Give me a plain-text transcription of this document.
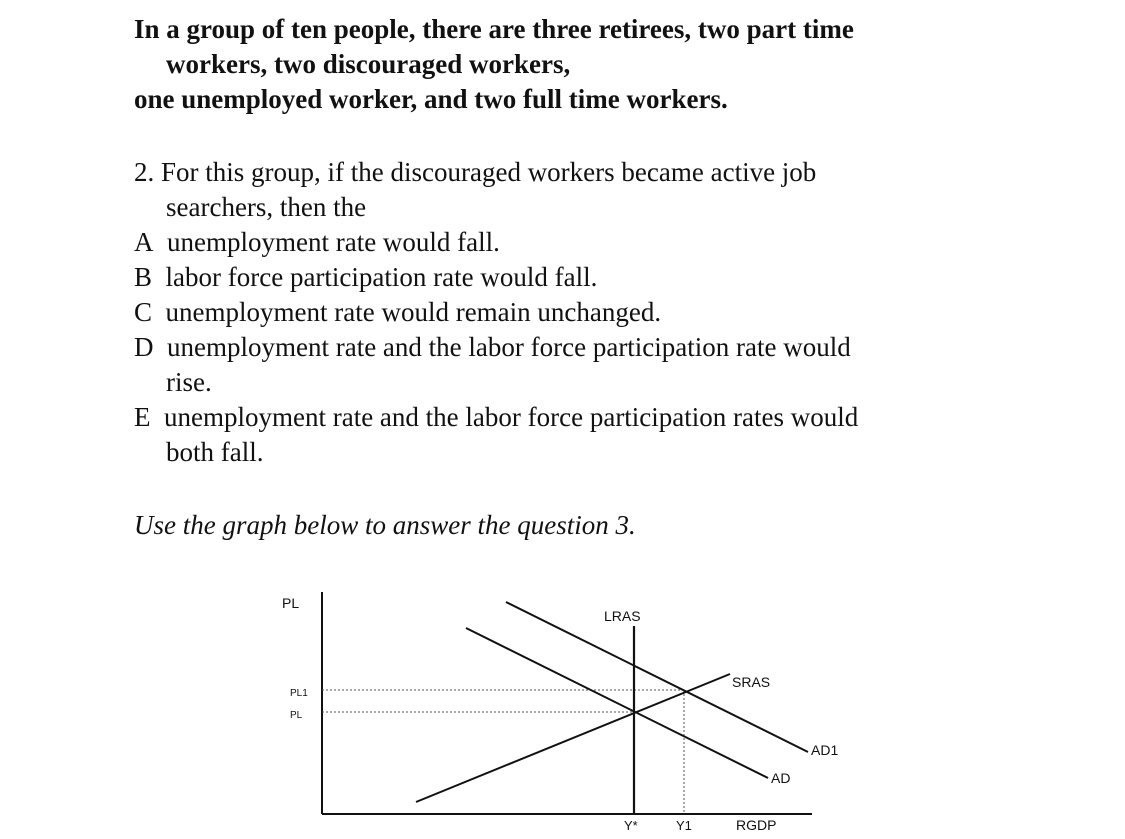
In a group of ten people, there are three retirees, two part time
workers, two discouraged workers,
one unemployed worker, and two full time workers.
2. For this group, if the discouraged workers became active job
searchers, then the
A unemployment rate would fall.
B labor force participation rate would fall.
C unemployment rate would remain unchanged.
D unemployment rate and the labor force participation rate would
rise.
E unemployment rate and the labor force participation rates would
both fall.
Use the graph below to answer the question 3.
PL
LRAS
SRAS
AD1
AD
PL1
PL
Y*	Y1	RGDP
